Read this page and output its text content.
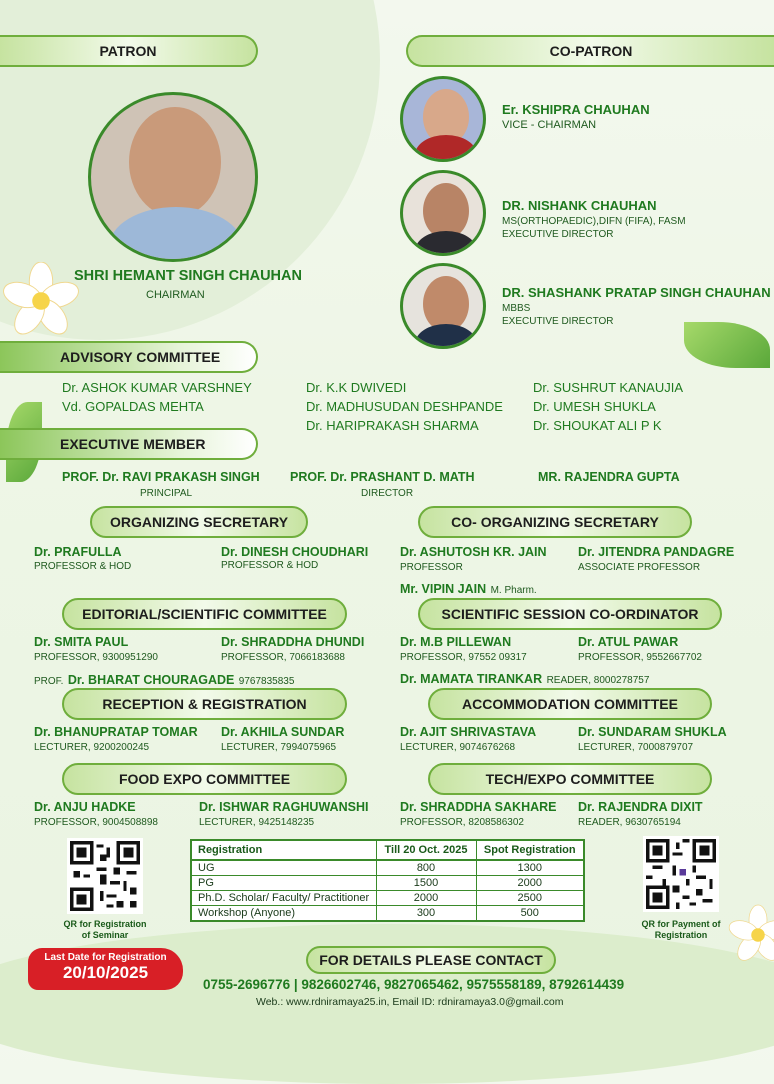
PATRON
SHRI HEMANT SINGH CHAUHAN
CHAIRMAN
CO-PATRON
Er. KSHIPRA CHAUHAN
VICE - CHAIRMAN
DR. NISHANK CHAUHAN
MS(ORTHOPAEDIC),DIFN (FIFA), FASM
EXECUTIVE DIRECTOR
DR. SHASHANK PRATAP SINGH CHAUHAN
MBBS
EXECUTIVE DIRECTOR
ADVISORY COMMITTEE
Dr. ASHOK KUMAR VARSHNEY
Vd. GOPALDAS MEHTA
Dr. K.K DWIVEDI
Dr. MADHUSUDAN DESHPANDE
Dr. HARIPRAKASH SHARMA
Dr. SUSHRUT KANAUJIA
Dr. UMESH SHUKLA
Dr. SHOUKAT ALI P K
EXECUTIVE MEMBER
PROF. Dr. RAVI PRAKASH SINGH
PRINCIPAL
PROF. Dr. PRASHANT D. MATH
DIRECTOR
MR. RAJENDRA GUPTA
ORGANIZING SECRETARY
Dr. PRAFULLA
PROFESSOR & HOD
Dr. DINESH CHOUDHARI
PROFESSOR & HOD
CO- ORGANIZING SECRETARY
Dr. ASHUTOSH KR. JAIN
PROFESSOR
Dr. JITENDRA PANDAGRE
ASSOCIATE PROFESSOR
Mr. VIPIN JAIN M. Pharm.
EDITORIAL/SCIENTIFIC COMMITTEE
Dr. SMITA PAUL
PROFESSOR, 9300951290
Dr. SHRADDHA DHUNDI
PROFESSOR, 7066183688
PROF. Dr. BHARAT CHOURAGADE 9767835835
SCIENTIFIC SESSION CO-ORDINATOR
Dr. M.B PILLEWAN
PROFESSOR, 97552 09317
Dr. ATUL PAWAR
PROFESSOR, 9552667702
Dr. MAMATA TIRANKAR READER, 8000278757
RECEPTION & REGISTRATION
Dr. BHANUPRATAP TOMAR
LECTURER, 9200200245
Dr. AKHILA SUNDAR
LECTURER, 7994075965
ACCOMMODATION COMMITTEE
Dr. AJIT SHRIVASTAVA
LECTURER, 9074676268
Dr. SUNDARAM SHUKLA
LECTURER, 7000879707
FOOD EXPO COMMITTEE
Dr. ANJU HADKE
PROFESSOR, 9004508898
Dr. ISHWAR RAGHUWANSHI
LECTURER, 9425148235
TECH/EXPO COMMITTEE
Dr. SHRADDHA SAKHARE
PROFESSOR, 8208586302
Dr. RAJENDRA DIXIT
READER, 9630765194
QR for Registration
of Seminar
QR for Payment of
Registration
Registration	Till 20 Oct. 2025	Spot Registration
UG	800	1300
PG	1500	2000
Ph.D. Scholar/ Faculty/ Practitioner	2000	2500
Workshop (Anyone)	300	500
Last Date for Registration
20/10/2025
FOR DETAILS PLEASE CONTACT
0755-2696776 | 9826602746, 9827065462, 9575558189, 8792614439
Web.: www.rdniramaya25.in, Email ID: rdniramaya3.0@gmail.com
